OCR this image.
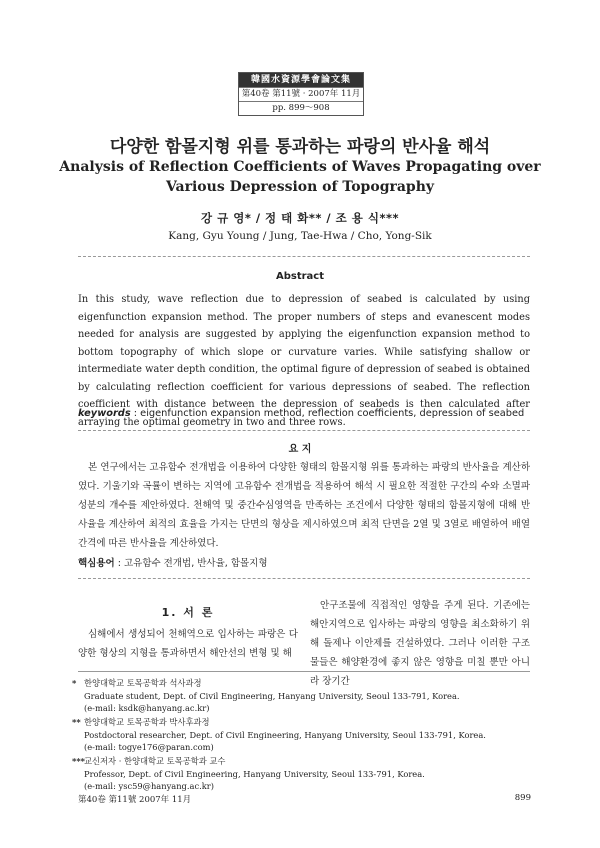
韓國水資源學會論文集
第40卷 第11號 · 2007年 11月
pp. 899～908
다양한 함몰지형 위를 통과하는 파랑의 반사율 해석
Analysis of Reflection Coefficients of Waves Propagating over Various Depression of Topography
강 규 영* / 정 태 화** / 조 용 식***
Kang, Gyu Young / Jung, Tae-Hwa / Cho, Yong-Sik
Abstract
In this study, wave reflection due to depression of seabed is calculated by using eigenfunction expansion method. The proper numbers of steps and evanescent modes needed for analysis are suggested by applying the eigenfunction expansion method to bottom topography of which slope or curvature varies. While satisfying shallow or intermediate water depth condition, the optimal figure of depression of seabed is obtained by calculating reflection coefficient for various depressions of seabed. The reflection coefficient with distance between the depression of seabeds is then calculated after arraying the optimal geometry in two and three rows.
keywords : eigenfunction expansion method, reflection coefficients, depression of seabed
요 지
본 연구에서는 고유함수 전개법을 이용하여 다양한 형태의 함몰지형 위를 통과하는 파랑의 반사율을 계산하였다. 기울기와 곡률이 변하는 지역에 고유함수 전개법을 적용하여 해석 시 필요한 적절한 구간의 수와 소멸파 성분의 개수를 제안하였다. 천해역 및 중간수심영역을 만족하는 조건에서 다양한 형태의 함몰지형에 대해 반사율을 계산하여 최적의 효율을 가지는 단면의 형상을 제시하였으며 최적 단면을 2열 및 3열로 배열하여 배열 간격에 따른 반사율을 계산하였다.
핵심용어 : 고유함수 전개법, 반사율, 함몰지형
1. 서 론
심해에서 생성되어 천해역으로 입사하는 파랑은 다양한 형상의 지형을 통과하면서 해안선의 변형 및 해
안구조물에 직접적인 영향을 주게 된다. 기존에는 해안지역으로 입사하는 파랑의 영향을 최소화하기 위해 돌제나 이안제를 건설하였다. 그러나 이러한 구조물들은 해양환경에 좋지 않은 영향을 미칠 뿐만 아니라 장기간
* 한양대학교 토목공학과 석사과정
Graduate student, Dept. of Civil Engineering, Hanyang University, Seoul 133-791, Korea.
(e-mail: ksdk@hanyang.ac.kr)
** 한양대학교 토목공학과 박사후과정
Postdoctoral researcher, Dept. of Civil Engineering, Hanyang University, Seoul 133-791, Korea.
(e-mail: togye176@paran.com)
***교신저자 · 한양대학교 토목공학과 교수
Professor, Dept. of Civil Engineering, Hanyang University, Seoul 133-791, Korea.
(e-mail: ysc59@hanyang.ac.kr)
第40卷 第11號 2007年 11月	899
